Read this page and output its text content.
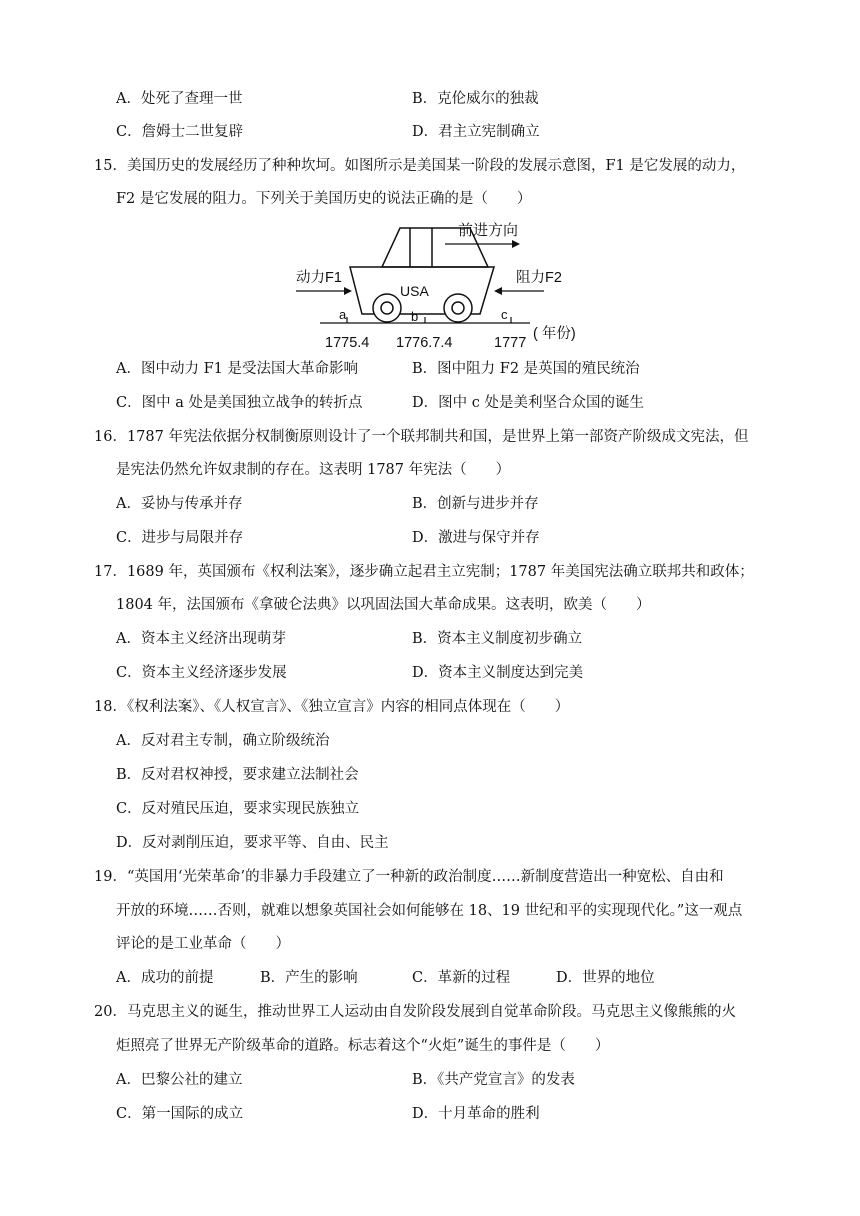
A．处死了查理一世	B．克伦威尔的独裁
C．詹姆士二世复辟	D．君主立宪制确立
15．美国历史的发展经历了种种坎坷。如图所示是美国某一阶段的发展示意图，F1 是它发展的动力，
F2 是它发展的阻力。下列关于美国历史的说法正确的是（　　）
USA
前进方向
动力F1	阻力F2
a	b	c
1775.4 1776.7.4	1777
( 年份)
A．图中动力 F1 是受法国大革命影响	B．图中阻力 F2 是英国的殖民统治
C．图中 a 处是美国独立战争的转折点	D．图中 c 处是美利坚合众国的诞生
16．1787 年宪法依据分权制衡原则设计了一个联邦制共和国，是世界上第一部资产阶级成文宪法，但
是宪法仍然允许奴隶制的存在。这表明 1787 年宪法（　　）
A．妥协与传承并存	B．创新与进步并存
C．进步与局限并存	D．激进与保守并存
17．1689 年，英国颁布《权利法案》，逐步确立起君主立宪制；1787 年美国宪法确立联邦共和政体；
1804 年，法国颁布《拿破仑法典》以巩固法国大革命成果。这表明，欧美（　　）
A．资本主义经济出现萌芽	B．资本主义制度初步确立
C．资本主义经济逐步发展	D．资本主义制度达到完美
18．《权利法案》、《人权宣言》、《独立宣言》内容的相同点体现在（　　）
A．反对君主专制，确立阶级统治
B．反对君权神授，要求建立法制社会
C．反对殖民压迫，要求实现民族独立
D．反对剥削压迫，要求平等、自由、民主
19．“英国用‘光荣革命’的非暴力手段建立了一种新的政治制度……新制度营造出一种宽松、自由和
开放的环境……否则，就难以想象英国社会如何能够在 18、19 世纪和平的实现现代化。”这一观点
评论的是工业革命（　　）
A．成功的前提	B．产生的影响	C．革新的过程	D．世界的地位
20．马克思主义的诞生，推动世界工人运动由自发阶段发展到自觉革命阶段。马克思主义像熊熊的火
炬照亮了世界无产阶级革命的道路。标志着这个“火炬”诞生的事件是（　　）
A．巴黎公社的建立	B．《共产党宣言》的发表
C．第一国际的成立	D．十月革命的胜利
